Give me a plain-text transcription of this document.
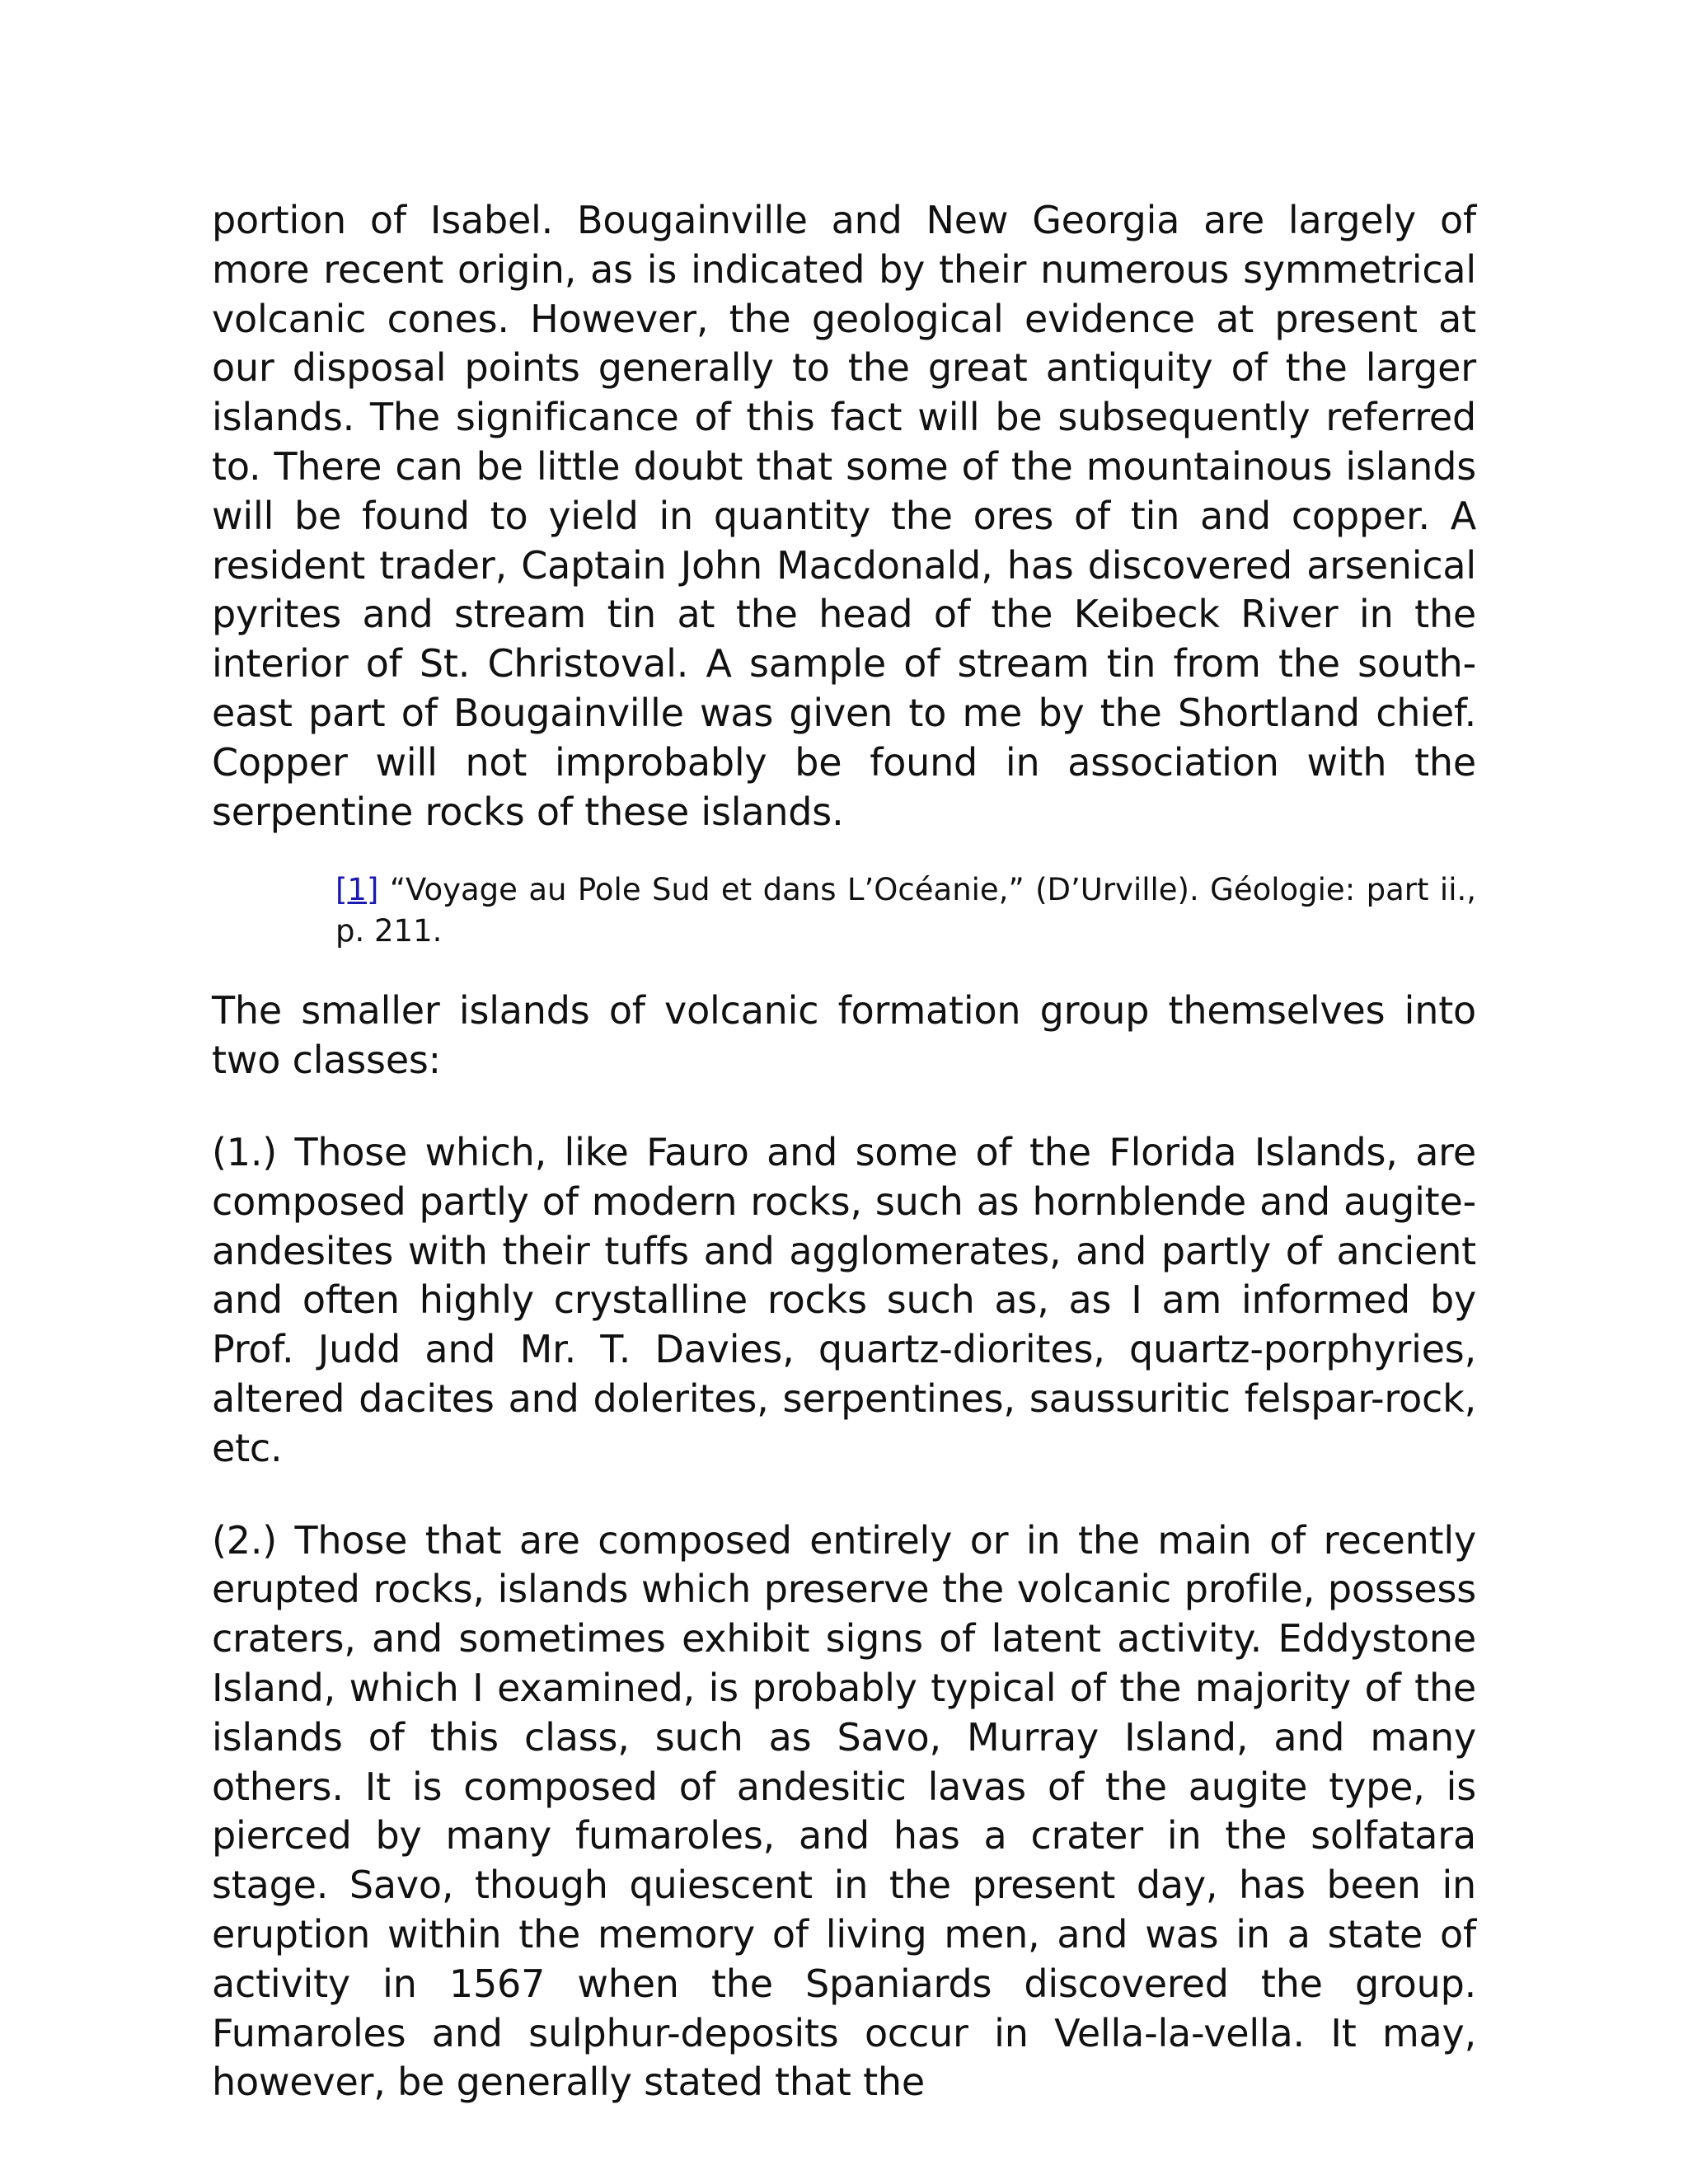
portion of Isabel. Bougainville and New Georgia are largely of more recent origin, as is indicated by their numerous symmetrical volcanic cones. However, the geological evidence at present at our disposal points generally to the great antiquity of the larger islands. The significance of this fact will be subsequently referred to. There can be little doubt that some of the mountainous islands will be found to yield in quantity the ores of tin and copper. A resident trader, Captain John Macdonald, has discovered arsenical pyrites and stream tin at the head of the Keibeck River in the interior of St. Christoval. A sample of stream tin from the south-east part of Bougainville was given to me by the Shortland chief. Copper will not improbably be found in association with the serpentine rocks of these islands.

[1] “Voyage au Pole Sud et dans L’Océanie,” (D’Urville). Géologie: part ii., p. 211.

The smaller islands of volcanic formation group themselves into two classes:

(1.) Those which, like Fauro and some of the Florida Islands, are composed partly of modern rocks, such as hornblende and augite-andesites with their tuffs and agglomerates, and partly of ancient and often highly crystalline rocks such as, as I am informed by Prof. Judd and Mr. T. Davies, quartz-diorites, quartz-porphyries, altered dacites and dolerites, serpentines, saussuritic felspar-rock, etc.

(2.) Those that are composed entirely or in the main of recently erupted rocks, islands which preserve the volcanic profile, possess craters, and sometimes exhibit signs of latent activity. Eddystone Island, which I examined, is probably typical of the majority of the islands of this class, such as Savo, Murray Island, and many others. It is composed of andesitic lavas of the augite type, is pierced by many fumaroles, and has a crater in the solfatara stage. Savo, though quiescent in the present day, has been in eruption within the memory of living men, and was in a state of activity in 1567 when the Spaniards discovered the group. Fumaroles and sulphur-deposits occur in Vella-la-vella. It may, however, be generally stated that the
